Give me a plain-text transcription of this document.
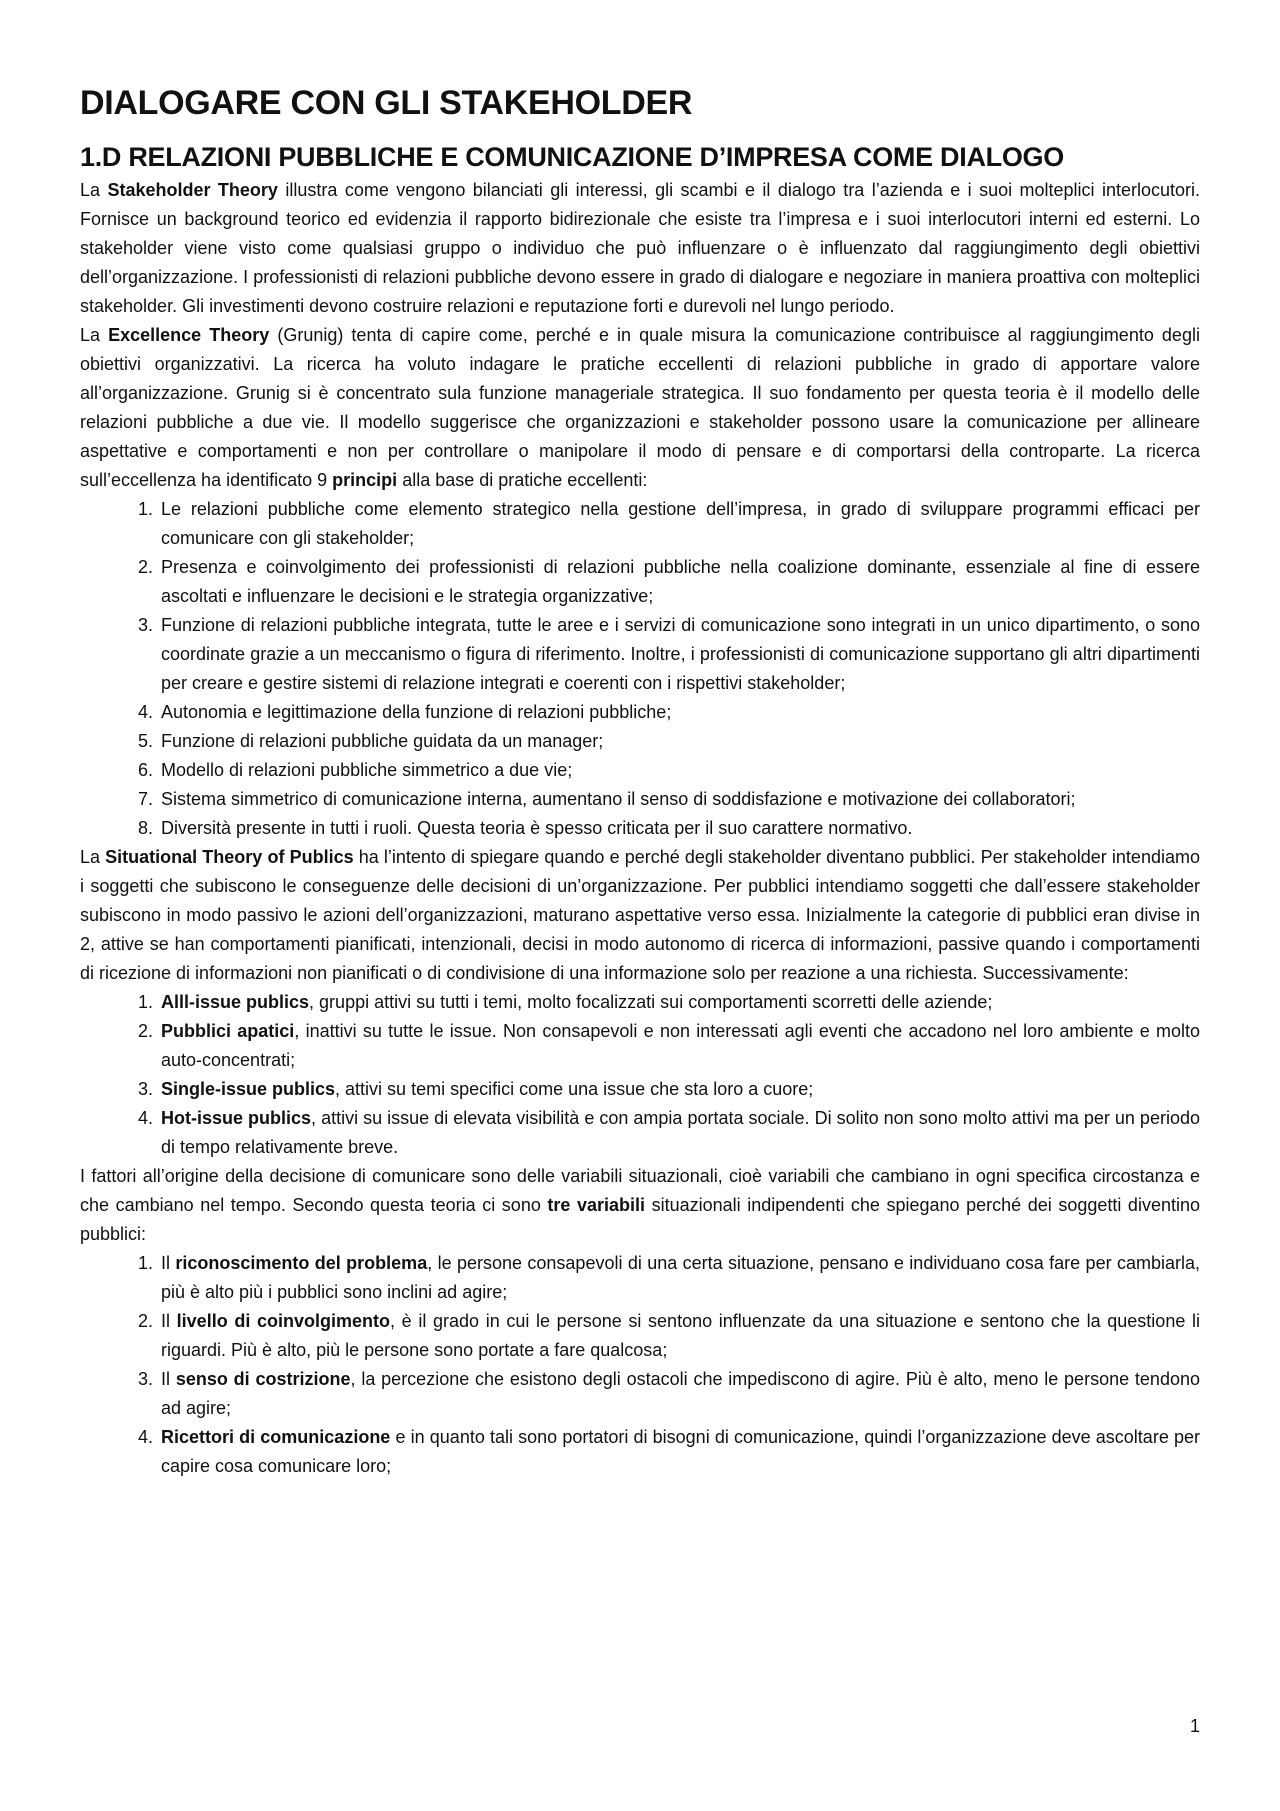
DIALOGARE CON GLI STAKEHOLDER
1.D RELAZIONI PUBBLICHE E COMUNICAZIONE D’IMPRESA COME DIALOGO

La Stakeholder Theory illustra come vengono bilanciati gli interessi, gli scambi e il dialogo tra l’azienda e i suoi molteplici interlocutori. Fornisce un background teorico ed evidenzia il rapporto bidirezionale che esiste tra l’impresa e i suoi interlocutori interni ed esterni. Lo stakeholder viene visto come qualsiasi gruppo o individuo che può influenzare o è influenzato dal raggiungimento degli obiettivi dell’organizzazione. I professionisti di relazioni pubbliche devono essere in grado di dialogare e negoziare in maniera proattiva con molteplici stakeholder. Gli investimenti devono costruire relazioni e reputazione forti e durevoli nel lungo periodo.

La Excellence Theory (Grunig) tenta di capire come, perché e in quale misura la comunicazione contribuisce al raggiungimento degli obiettivi organizzativi. La ricerca ha voluto indagare le pratiche eccellenti di relazioni pubbliche in grado di apportare valore all’organizzazione. Grunig si è concentrato sula funzione manageriale strategica. Il suo fondamento per questa teoria è il modello delle relazioni pubbliche a due vie. Il modello suggerisce che organizzazioni e stakeholder possono usare la comunicazione per allineare aspettative e comportamenti e non per controllare o manipolare il modo di pensare e di comportarsi della controparte. La ricerca sull’eccellenza ha identificato 9 principi alla base di pratiche eccellenti:

1. Le relazioni pubbliche come elemento strategico nella gestione dell’impresa, in grado di sviluppare programmi efficaci per comunicare con gli stakeholder;
2. Presenza e coinvolgimento dei professionisti di relazioni pubbliche nella coalizione dominante, essenziale al fine di essere ascoltati e influenzare le decisioni e le strategia organizzative;
3. Funzione di relazioni pubbliche integrata, tutte le aree e i servizi di comunicazione sono integrati in un unico dipartimento, o sono coordinate grazie a un meccanismo o figura di riferimento. Inoltre, i professionisti di comunicazione supportano gli altri dipartimenti per creare e gestire sistemi di relazione integrati e coerenti con i rispettivi stakeholder;
4. Autonomia e legittimazione della funzione di relazioni pubbliche;
5. Funzione di relazioni pubbliche guidata da un manager;
6. Modello di relazioni pubbliche simmetrico a due vie;
7. Sistema simmetrico di comunicazione interna, aumentano il senso di soddisfazione e motivazione dei collaboratori;
8. Diversità presente in tutti i ruoli. Questa teoria è spesso criticata per il suo carattere normativo.

La Situational Theory of Publics ha l’intento di spiegare quando e perché degli stakeholder diventano pubblici. Per stakeholder intendiamo i soggetti che subiscono le conseguenze delle decisioni di un’organizzazione. Per pubblici intendiamo soggetti che dall’essere stakeholder subiscono in modo passivo le azioni dell’organizzazioni, maturano aspettative verso essa. Inizialmente la categorie di pubblici eran divise in 2, attive se han comportamenti pianificati, intenzionali, decisi in modo autonomo di ricerca di informazioni, passive quando i comportamenti di ricezione di informazioni non pianificati o di condivisione di una informazione solo per reazione a una richiesta. Successivamente:

1. Alll-issue publics, gruppi attivi su tutti i temi, molto focalizzati sui comportamenti scorretti delle aziende;
2. Pubblici apatici, inattivi su tutte le issue. Non consapevoli e non interessati agli eventi che accadono nel loro ambiente e molto auto-concentrati;
3. Single-issue publics, attivi su temi specifici come una issue che sta loro a cuore;
4. Hot-issue publics, attivi su issue di elevata visibilità e con ampia portata sociale. Di solito non sono molto attivi ma per un periodo di tempo relativamente breve.

I fattori all’origine della decisione di comunicare sono delle variabili situazionali, cioè variabili che cambiano in ogni specifica circostanza e che cambiano nel tempo. Secondo questa teoria ci sono tre variabili situazionali indipendenti che spiegano perché dei soggetti diventino pubblici:

1. Il riconoscimento del problema, le persone consapevoli di una certa situazione, pensano e individuano cosa fare per cambiarla, più è alto più i pubblici sono inclini ad agire;
2. Il livello di coinvolgimento, è il grado in cui le persone si sentono influenzate da una situazione e sentono che la questione li riguardi. Più è alto, più le persone sono portate a fare qualcosa;
3. Il senso di costrizione, la percezione che esistono degli ostacoli che impediscono di agire. Più è alto, meno le persone tendono ad agire;
4. Ricettori di comunicazione e in quanto tali sono portatori di bisogni di comunicazione, quindi l’organizzazione deve ascoltare per capire cosa comunicare loro;
1
